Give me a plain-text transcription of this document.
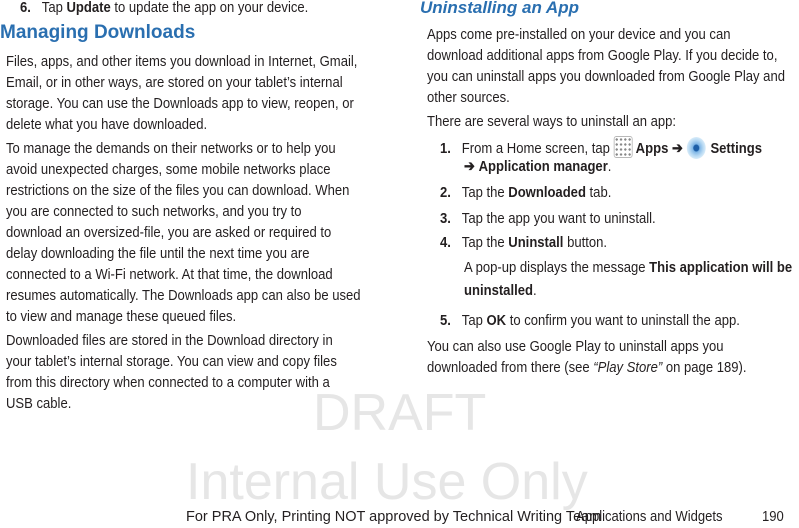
DRAFT
Internal Use Only
6. Tap Update to update the app on your device.
Managing Downloads
Files, apps, and other items you download in Internet, Gmail,
Email, or in other ways, are stored on your tablet’s internal
storage. You can use the Downloads app to view, reopen, or
delete what you have downloaded.
To manage the demands on their networks or to help you
avoid unexpected charges, some mobile networks place
restrictions on the size of the files you can download. When
you are connected to such networks, and you try to
download an oversized-file, you are asked or required to
delay downloading the file until the next time you are
connected to a Wi-Fi network. At that time, the download
resumes automatically. The Downloads app can also be used
to view and manage these queued files.
Downloaded files are stored in the Download directory in
your tablet’s internal storage. You can view and copy files
from this directory when connected to a computer with a
USB cable.
Uninstalling an App
Apps come pre-installed on your device and you can
download additional apps from Google Play. If you decide to,
you can uninstall apps you downloaded from Google Play and
other sources.
There are several ways to uninstall an app:
1. From a Home screen, tap Apps ➔ Settings
➔ Application manager.
2. Tap the Downloaded tab.
3. Tap the app you want to uninstall.
4. Tap the Uninstall button.
A pop-up displays the message This application will be
uninstalled.
5. Tap OK to confirm you want to uninstall the app.
You can also use Google Play to uninstall apps you
downloaded from there (see “Play Store” on page 189).
For PRA Only, Printing NOT approved by Technical Writing Team
Applications and Widgets	190
